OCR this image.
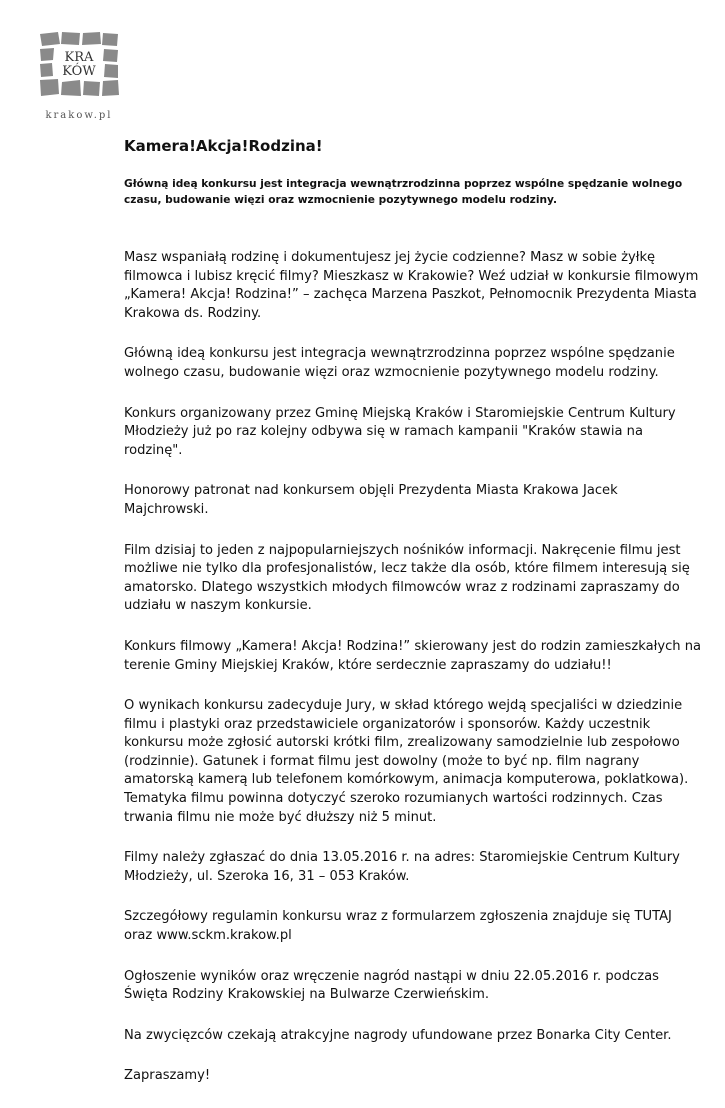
KRA
KÓW
krakow.pl
Kamera!Akcja!Rodzina!

Główną ideą konkursu jest integracja wewnątrzrodzinna poprzez wspólne spędzanie wolnego czasu, budowanie więzi oraz wzmocnienie pozytywnego modelu rodziny.

Masz wspaniałą rodzinę i dokumentujesz jej życie codzienne? Masz w sobie żyłkę filmowca i lubisz kręcić filmy? Mieszkasz w Krakowie? Weź udział w konkursie filmowym „Kamera! Akcja! Rodzina!” – zachęca Marzena Paszkot, Pełnomocnik Prezydenta Miasta Krakowa ds. Rodziny.

Główną ideą konkursu jest integracja wewnątrzrodzinna poprzez wspólne spędzanie wolnego czasu, budowanie więzi oraz wzmocnienie pozytywnego modelu rodziny.

Konkurs organizowany przez Gminę Miejską Kraków i Staromiejskie Centrum Kultury Młodzieży już po raz kolejny odbywa się w ramach kampanii "Kraków stawia na rodzinę".

Honorowy patronat nad konkursem objęli Prezydenta Miasta Krakowa Jacek Majchrowski.

Film dzisiaj to jeden z najpopularniejszych nośników informacji. Nakręcenie filmu jest możliwe nie tylko dla profesjonalistów, lecz także dla osób, które filmem interesują się amatorsko. Dlatego wszystkich młodych filmowców wraz z rodzinami zapraszamy do udziału w naszym konkursie.

Konkurs filmowy „Kamera! Akcja! Rodzina!” skierowany jest do rodzin zamieszkałych na terenie Gminy Miejskiej Kraków, które serdecznie zapraszamy do udziału!!

O wynikach konkursu zadecyduje Jury, w skład którego wejdą specjaliści w dziedzinie filmu i plastyki oraz przedstawiciele organizatorów i sponsorów. Każdy uczestnik konkursu może zgłosić autorski krótki film, zrealizowany samodzielnie lub zespołowo (rodzinnie). Gatunek i format filmu jest dowolny (może to być np. film nagrany amatorską kamerą lub telefonem komórkowym, animacja komputerowa, poklatkowa). Tematyka filmu powinna dotyczyć szeroko rozumianych wartości rodzinnych. Czas trwania filmu nie może być dłuższy niż 5 minut.

Filmy należy zgłaszać do dnia 13.05.2016 r. na adres: Staromiejskie Centrum Kultury Młodzieży, ul. Szeroka 16, 31 – 053 Kraków.

Szczegółowy regulamin konkursu wraz z formularzem zgłoszenia znajduje się TUTAJ oraz www.sckm.krakow.pl

Ogłoszenie wyników oraz wręczenie nagród nastąpi w dniu 22.05.2016 r. podczas Święta Rodziny Krakowskiej na Bulwarze Czerwieńskim.

Na zwycięzców czekają atrakcyjne nagrody ufundowane przez Bonarka City Center.

Zapraszamy!
